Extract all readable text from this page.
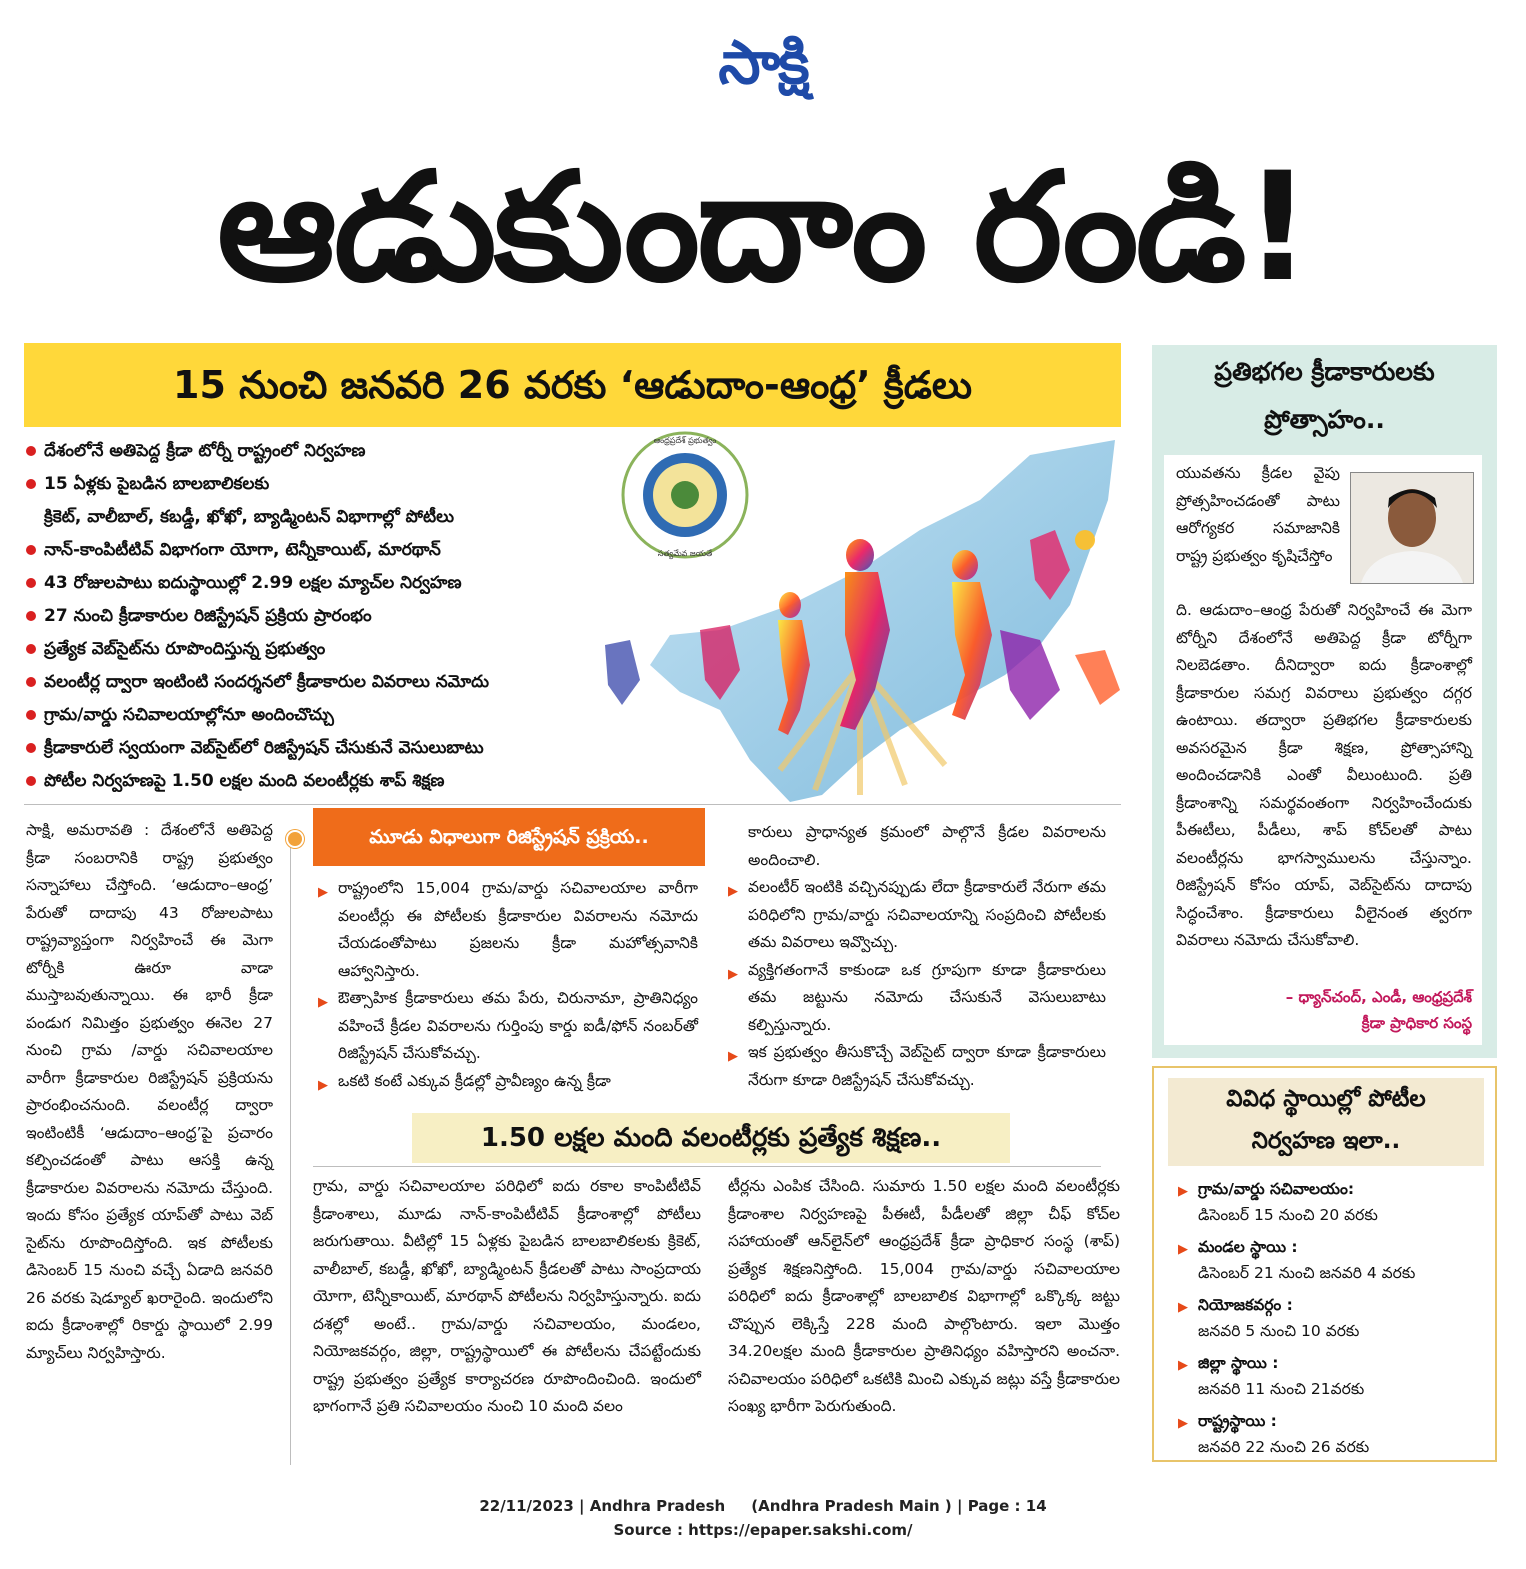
సాక్షి
ఆడుకుందాం రండి!
15 నుంచి జనవరి 26 వరకు ‘ఆడుదాం-ఆంధ్ర’ క్రీడలు
దేశంలోనే అతిపెద్ద క్రీడా టోర్నీ రాష్ట్రంలో నిర్వహణ
15 ఏళ్లకు పైబడిన బాలబాలికలకు
క్రికెట్, వాలీబాల్, కబడ్డీ, ఖోఖో, బ్యాడ్మింటన్ విభాగాల్లో పోటీలు
నాన్-కాంపిటీటివ్ విభాగంగా యోగా, టెన్నీకాయిట్, మారథాన్
43 రోజులపాటు ఐదుస్థాయిల్లో 2.99 లక్షల మ్యాచ్‌ల నిర్వహణ
27 నుంచి క్రీడాకారుల రిజిస్ట్రేషన్ ప్రక్రియ ప్రారంభం
ప్రత్యేక వెబ్‌సైట్‌ను రూపొందిస్తున్న ప్రభుత్వం
వలంటీర్ల ద్వారా ఇంటింటి సందర్శనలో క్రీడాకారుల వివరాలు నమోదు
గ్రామ/వార్డు సచివాలయాల్లోనూ అందించొచ్చు
క్రీడాకారులే స్వయంగా వెబ్‌సైట్‌లో రిజిస్ట్రేషన్ చేసుకునే వెసులుబాటు
పోటీల నిర్వహణపై 1.50 లక్షల మంది వలంటీర్లకు శాప్ శిక్షణ
ఆంధ్రప్రదేశ్ ప్రభుత్వం
సత్యమేవ జయతే
సాక్షి, అమరావతి : దేశంలోనే అతిపెద్ద క్రీడా సంబరానికి రాష్ట్ర ప్రభుత్వం సన్నాహాలు చేస్తోంది. ‘ఆడుదాం–ఆంధ్ర’ పేరుతో దాదాపు 43 రోజులపాటు రాష్ట్రవ్యాప్తంగా నిర్వహించే ఈ మెగా టోర్నీకి ఊరూ వాడా ముస్తాబవుతున్నాయి. ఈ భారీ క్రీడా పండుగ నిమిత్తం ప్రభుత్వం ఈనెల 27 నుంచి గ్రామ /వార్డు సచివాలయాల వారీగా క్రీడాకారుల రిజిస్ట్రేషన్ ప్రక్రియను ప్రారంభించనుంది. వలంటీర్ల ద్వారా ఇంటింటికీ ‘ఆడుదాం–ఆంధ్ర’పై ప్రచారం కల్పించడంతో పాటు ఆసక్తి ఉన్న క్రీడాకారుల వివరాలను నమోదు చేస్తుంది. ఇందు కోసం ప్రత్యేక యాప్‌తో పాటు వెబ్ సైట్‌ను రూపొందిస్తోంది. ఇక పోటీలకు డిసెంబర్ 15 నుంచి వచ్చే ఏడాది జనవరి 26 వరకు షెడ్యూల్ ఖరారైంది. ఇందులోని ఐదు క్రీడాంశాల్లో రికార్డు స్థాయిలో 2.99 మ్యాచ్‌లు నిర్వహిస్తారు.
మూడు విధాలుగా రిజిస్ట్రేషన్ ప్రక్రియ..
▶ రాష్ట్రంలోని 15,004 గ్రామ/వార్డు సచివాలయాల వారీగా వలంటీర్లు ఈ పోటీలకు క్రీడాకారుల వివరాలను నమోదు చేయడంతోపాటు ప్రజలను క్రీడా మహోత్సవానికి ఆహ్వానిస్తారు.
▶ ఔత్సాహిక క్రీడాకారులు తమ పేరు, చిరునామా, ప్రాతినిధ్యం వహించే క్రీడల వివరాలను గుర్తింపు కార్డు ఐడీ/ఫోన్ నంబర్‌తో రిజిస్ట్రేషన్ చేసుకోవచ్చు.
▶ ఒకటి కంటే ఎక్కువ క్రీడల్లో ప్రావీణ్యం ఉన్న క్రీడా
కారులు ప్రాధాన్యత క్రమంలో పాల్గొనే క్రీడల వివరాలను అందించాలి.
▶ వలంటీర్ ఇంటికి వచ్చినప్పుడు లేదా క్రీడాకారులే నేరుగా తమ పరిధిలోని గ్రామ/వార్డు సచివాలయాన్ని సంప్రదించి పోటీలకు తమ వివరాలు ఇవ్వొచ్చు.
▶ వ్యక్తిగతంగానే కాకుండా ఒక గ్రూపుగా కూడా క్రీడాకారులు తమ జట్టును నమోదు చేసుకునే వెసులుబాటు కల్పిస్తున్నారు.
▶ ఇక ప్రభుత్వం తీసుకొచ్చే వెబ్‌సైట్ ద్వారా కూడా క్రీడాకారులు నేరుగా కూడా రిజిస్ట్రేషన్ చేసుకోవచ్చు.
1.50 లక్షల మంది వలంటీర్లకు ప్రత్యేక శిక్షణ..
గ్రామ, వార్డు సచివాలయాల పరిధిలో ఐదు రకాల కాంపిటీటివ్ క్రీడాంశాలు, మూడు నాన్-కాంపిటీటివ్ క్రీడాంశాల్లో పోటీలు జరుగుతాయి. వీటిల్లో 15 ఏళ్లకు పైబడిన బాలబాలికలకు క్రికెట్, వాలీబాల్, కబడ్డీ, ఖోఖో, బ్యాడ్మింటన్ క్రీడలతో పాటు సాంప్రదాయ యోగా, టెన్నీకాయిట్, మారథాన్ పోటీలను నిర్వహిస్తున్నారు. ఐదు దశల్లో అంటే.. గ్రామ/వార్డు సచివాలయం, మండలం, నియోజకవర్గం, జిల్లా, రాష్ట్రస్థాయిలో ఈ పోటీలను చేపట్టేందుకు రాష్ట్ర ప్రభుత్వం ప్రత్యేక కార్యాచరణ రూపొందించింది. ఇందులో భాగంగానే ప్రతి సచివాలయం నుంచి 10 మంది వలం
టీర్లను ఎంపిక చేసింది. సుమారు 1.50 లక్షల మంది వలంటీర్లకు క్రీడాంశాల నిర్వహణపై పీఈటీ, పీడీలతో జిల్లా చీఫ్ కోచ్‌ల సహాయంతో ఆన్‌లైన్‌లో ఆంధ్రప్రదేశ్ క్రీడా ప్రాధికార సంస్థ (శాప్) ప్రత్యేక శిక్షణనిస్తోంది. 15,004 గ్రామ/వార్డు సచివాలయాల పరిధిలో ఐదు క్రీడాంశాల్లో బాలబాలిక విభాగాల్లో ఒక్కొక్క జట్టు చొప్పున లెక్కిస్తే 228 మంది పాల్గొంటారు. ఇలా మొత్తం 34.20లక్షల మంది క్రీడాకారుల ప్రాతినిధ్యం వహిస్తారని అంచనా. సచివాలయం పరిధిలో ఒకటికి మించి ఎక్కువ జట్లు వస్తే క్రీడాకారుల సంఖ్య భారీగా పెరుగుతుంది.
ప్రతిభగల క్రీడాకారులకు
ప్రోత్సాహం..
యువతను క్రీడల వైపు ప్రోత్సహించడంతో పాటు ఆరోగ్యకర సమాజానికి రాష్ట్ర ప్రభుత్వం కృషిచేస్తోం
ది. ఆడుదాం–ఆంధ్ర పేరుతో నిర్వహించే ఈ మెగా టోర్నీని దేశంలోనే అతిపెద్ద క్రీడా టోర్నీగా నిలబెడతాం. దీనిద్వారా ఐదు క్రీడాంశాల్లో క్రీడాకారుల సమగ్ర వివరాలు ప్రభుత్వం దగ్గర ఉంటాయి. తద్వారా ప్రతిభగల క్రీడాకారులకు అవసరమైన క్రీడా శిక్షణ, ప్రోత్సాహాన్ని అందించడానికి ఎంతో వీలుంటుంది. ప్రతి క్రీడాంశాన్ని సమర్థవంతంగా నిర్వహించేందుకు పీఈటీలు, పీడీలు, శాప్ కోచ్‌లతో పాటు వలంటీర్లను భాగస్వాములను చేస్తున్నాం. రిజిస్ట్రేషన్ కోసం యాప్, వెబ్‌సైట్‌ను దాదాపు సిద్ధంచేశాం. క్రీడాకారులు వీలైనంత త్వరగా వివరాలు నమోదు చేసుకోవాలి.
– ధ్యాన్‌చంద్, ఎండీ, ఆంధ్రప్రదేశ్
క్రీడా ప్రాధికార సంస్థ
వివిధ స్థాయిల్లో పోటీల
నిర్వహణ ఇలా..
▶ గ్రామ/వార్డు సచివాలయం:
డిసెంబర్ 15 నుంచి 20 వరకు
▶ మండల స్థాయి :
డిసెంబర్ 21 నుంచి జనవరి 4 వరకు
▶ నియోజకవర్గం :
జనవరి 5 నుంచి 10 వరకు
▶ జిల్లా స్థాయి :
జనవరి 11 నుంచి 21వరకు
▶ రాష్ట్రస్థాయి :
జనవరి 22 నుంచి 26 వరకు
22/11/2023 | Andhra Pradesh     (Andhra Pradesh Main ) | Page : 14
Source : https://epaper.sakshi.com/
